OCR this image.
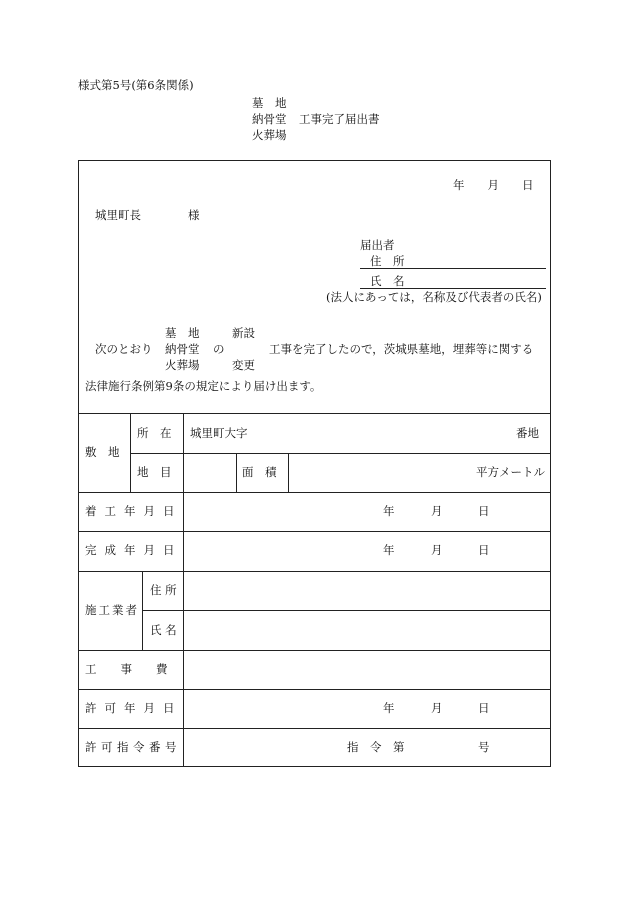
様式第5号(第6条関係)
墓　地
納骨堂
火葬場
工事完了届出書
年　　月　　日
城里町長	様
届出者
住　所
氏　名
(法人にあっては，名称及び代表者の氏名)
墓　地	新設
次のとおり 納骨堂 の	工事を完了したので，茨城県墓地，埋葬等に関する
火葬場	変更
法律施行条例第9条の規定により届け出ます。
敷　地
所　在 城里町大字	番地
地　目	面　積	平方メートル
着工年月日	年	月	日
完成年月日	年	月	日
施工業者
住 所
氏 名
工事費
許可年月日	年	月	日
許可指令番号	指　令　第	号
